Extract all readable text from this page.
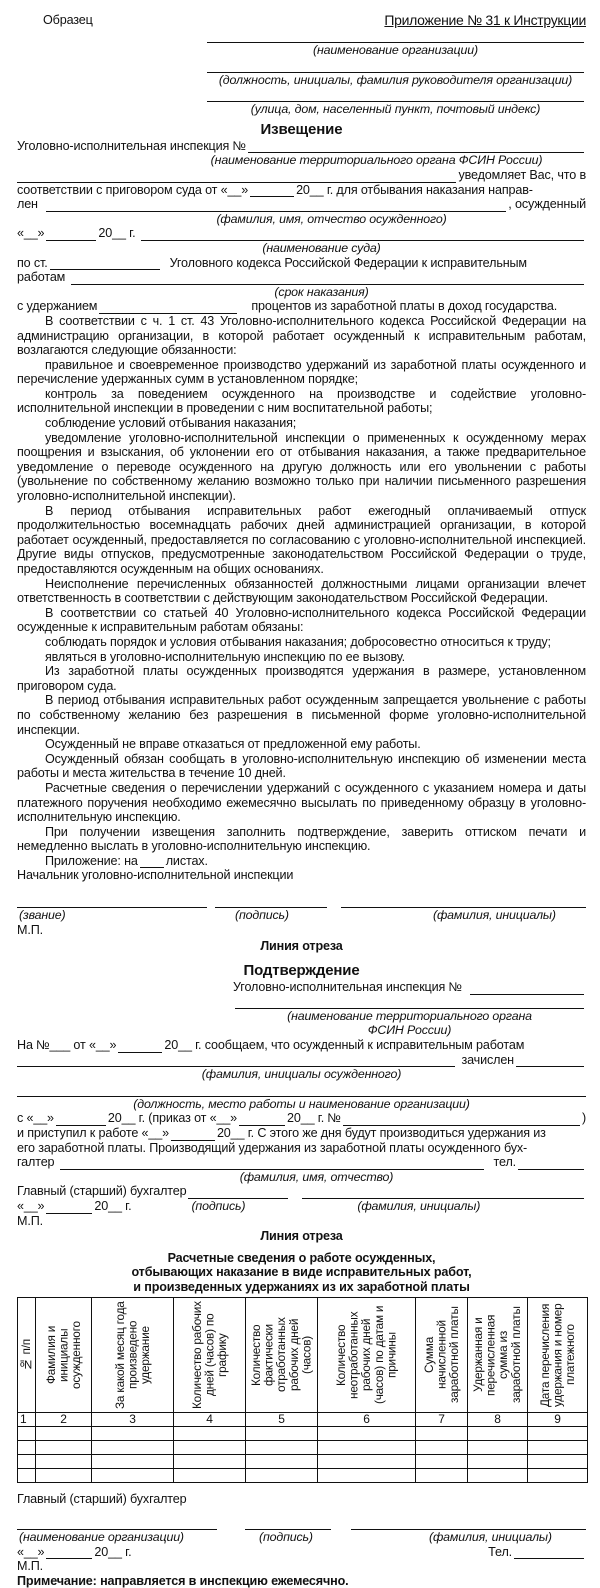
Образец	Приложение № 31 к Инструкции
(наименование организации)
(должность, инициалы, фамилия руководителя организации)
(улица, дом, населенный пункт, почтовый индекс)
Извещение
Уголовно-исполнительная инспекция №
(наименование территориального органа ФСИН России)
уведомляет Вас, что в
соответствии с приговором суда от «__»	20__ г. для отбывания наказания направ-
лен	, осужденный
(фамилия, имя, отчество осужденного)
«__»	20__ г.
(наименование суда)
по ст.	Уголовного кодекса Российской Федерации к исправительным
работам
(срок наказания)
с удержанием	процентов из заработной платы в доход государства.
В соответствии с ч. 1 ст. 43 Уголовно-исполнительного кодекса Российской Федерации на администрацию организации, в которой работает осужденный к исправительным работам, возлагаются следующие обязанности:
правильное и своевременное производство удержаний из заработной платы осужденного и перечисление удержанных сумм в установленном порядке;
контроль за поведением осужденного на производстве и содействие уголовно-исполнительной инспекции в проведении с ним воспитательной работы;
соблюдение условий отбывания наказания;
уведомление уголовно-исполнительной инспекции о примененных к осужденному мерах поощрения и взыскания, об уклонении его от отбывания наказания, а также предварительное уведомление о переводе осужденного на другую должность или его увольнении с работы (увольнение по собственному желанию возможно только при наличии письменного разрешения уголовно-исполнительной инспекции).
В период отбывания исправительных работ ежегодный оплачиваемый отпуск продолжительностью восемнадцать рабочих дней администрацией организации, в которой работает осужденный, предоставляется по согласованию с уголовно-исполнительной инспекцией. Другие виды отпусков, предусмотренные законодательством Российской Федерации о труде, предоставляются осужденным на общих основаниях.
Неисполнение перечисленных обязанностей должностными лицами организации влечет ответственность в соответствии с действующим законодательством Российской Федерации.
В соответствии со статьей 40 Уголовно-исполнительного кодекса Российской Федерации осужденные к исправительным работам обязаны:
соблюдать порядок и условия отбывания наказания; добросовестно относиться к труду;
являться в уголовно-исполнительную инспекцию по ее вызову.
Из заработной платы осужденных производятся удержания в размере, установленном приговором суда.
В период отбывания исправительных работ осужденным запрещается увольнение с работы по собственному желанию без разрешения в письменной форме уголовно-исполнительной инспекции.
Осужденный не вправе отказаться от предложенной ему работы.
Осужденный обязан сообщать в уголовно-исполнительную инспекцию об изменении места работы и места жительства в течение 10 дней.
Расчетные сведения о перечислении удержаний с осужденного с указанием номера и даты платежного поручения необходимо ежемесячно высылать по приведенному образцу в уголовно-исполнительную инспекцию.
При получении извещения заполнить подтверждение, заверить оттиском печати и немедленно выслать в уголовно-исполнительную инспекцию.
Приложение: на листах.
Начальник уголовно-исполнительной инспекции
(звание)	(подпись)	(фамилия, инициалы)
М.П.
Линия отреза
Подтверждение
Уголовно-исполнительная инспекция №
(наименование территориального органа
ФСИН России)
На №___ от «__»	20__ г. сообщаем, что осужденный к исправительным работам
зачислен
(фамилия, инициалы осужденного)
(должность, место работы и наименование организации)
с «__»	20__ г. (приказ от «__»	20__ г. №	)
и приступил к работе «__»	20__ г. С этого же дня будут производиться удержания из
его заработной платы. Производящий удержания из заработной платы осужденного бух-
галтер	тел.
(фамилия, имя, отчество)
Главный (старший) бухгалтер
«__»	20__ г.	(подпись)	(фамилия, инициалы)
М.П.
Линия отреза
Расчетные сведения о работе осужденных,
отбывающих наказание в виде исправительных работ,
и произведенных удержаниях из их заработной платы
№ п/п	Фамилия и инициалы осужденного	За какой месяц года произведено удержание	Количество рабочих дней (часов) по графику	Количество фактически отработанных рабочих дней (часов)	Количество неотработанных рабочих дней (часов) по датам и причины	Сумма начисленной заработной платы	Удержанная и перечисленная сумма из заработной платы	Дата перечисления удержания и номер платежного

1	2	3	4	5	6	7	8	9

Главный (старший) бухгалтер
(наименование организации)	(подпись)	(фамилия, инициалы)
«__»	20__ г.	Тел.
М.П.
Примечание: направляется в инспекцию ежемесячно.
